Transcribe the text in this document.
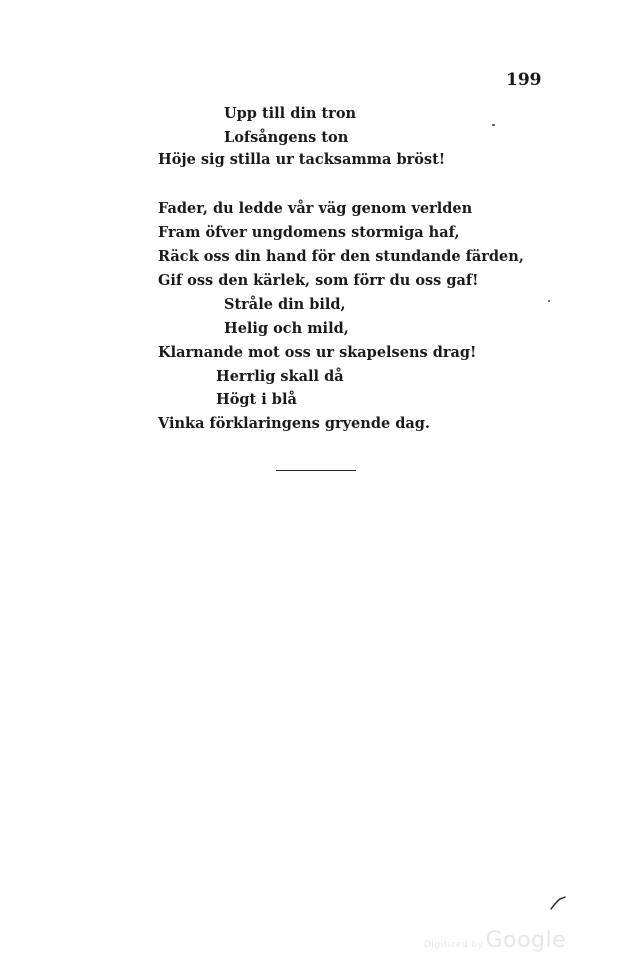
199
Upp till din tron
Lofsångens ton
Höje sig stilla ur tacksamma bröst!
Fader, du ledde vår väg genom verlden
Fram öfver ungdomens stormiga haf,
Räck oss din hand för den stundande färden,
Gif oss den kärlek, som förr du oss gaf!
Stråle din bild,
Helig och mild,
Klarnande mot oss ur skapelsens drag!
Herrlig skall då
Högt i blå
Vinka förklaringens gryende dag.
Digitized byGoogle
